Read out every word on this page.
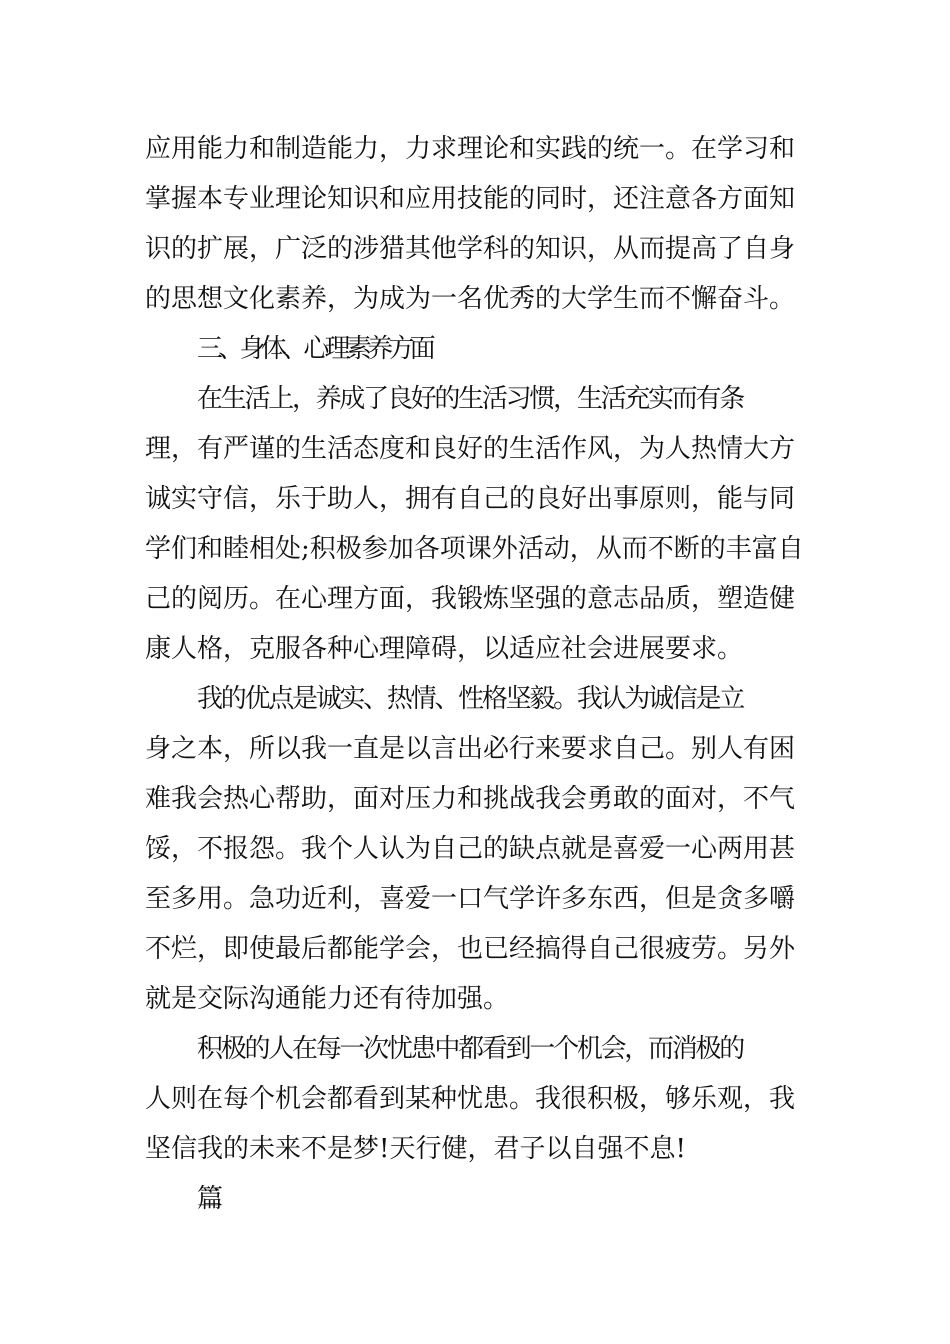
应用能力和制造能力，力求理论和实践的统一。在学习和
掌握本专业理论知识和应用技能的同时，还注意各方面知
识的扩展，广泛的涉猎其他学科的知识，从而提高了自身
的思想文化素养，为成为一名优秀的大学生而不懈奋斗。
三、身体、心理素养方面
在生活上，养成了良好的生活习惯，生活充实而有条
理，有严谨的生活态度和良好的生活作风，为人热情大方
诚实守信，乐于助人，拥有自己的良好出事原则，能与同
学们和睦相处;积极参加各项课外活动，从而不断的丰富自
己的阅历。在心理方面，我锻炼坚强的意志品质，塑造健
康人格，克服各种心理障碍，以适应社会进展要求。
我的优点是诚实、热情、性格坚毅。我认为诚信是立
身之本，所以我一直是以言出必行来要求自己。别人有困
难我会热心帮助，面对压力和挑战我会勇敢的面对，不气
馁，不报怨。我个人认为自己的缺点就是喜爱一心两用甚
至多用。急功近利，喜爱一口气学许多东西，但是贪多嚼
不烂，即使最后都能学会，也已经搞得自己很疲劳。另外
就是交际沟通能力还有待加强。
积极的人在每一次忧患中都看到一个机会，而消极的
人则在每个机会都看到某种忧患。我很积极，够乐观，我
坚信我的未来不是梦!天行健，君子以自强不息!
篇二
